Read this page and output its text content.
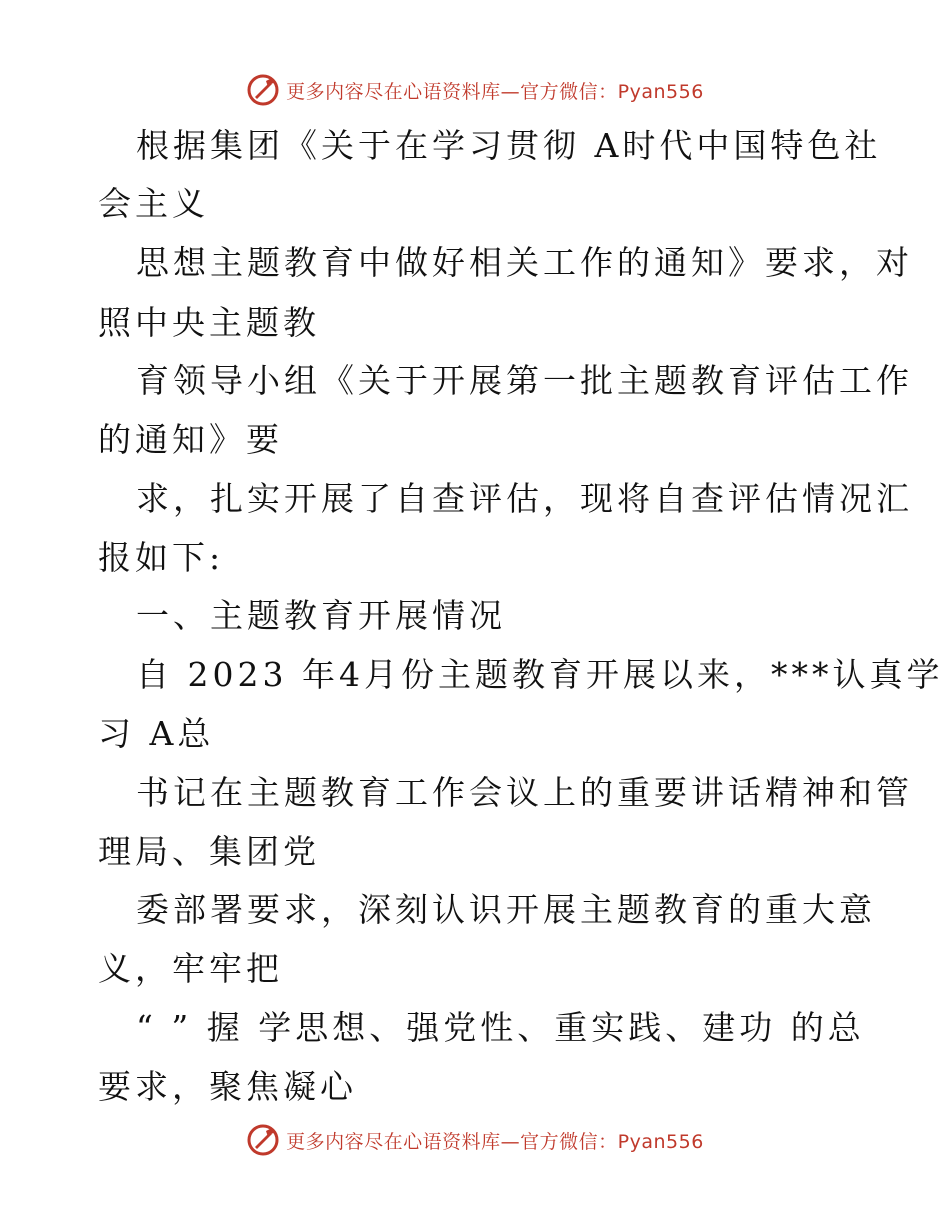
更多内容尽在心语资料库—官方微信：Pyan556
根据集团《关于在学习贯彻 A时代中国特色社
会主义
思想主题教育中做好相关工作的通知》要求，对
照中央主题教
育领导小组《关于开展第一批主题教育评估工作
的通知》要
求，扎实开展了自查评估，现将自查评估情况汇
报如下:
一、主题教育开展情况
自 2023 年4月份主题教育开展以来，***认真学
习 A总
书记在主题教育工作会议上的重要讲话精神和管
理局、集团党
委部署要求，深刻认识开展主题教育的重大意
义，牢牢把
“ ” 握 学思想、强党性、重实践、建功 的总
要求，聚焦凝心
更多内容尽在心语资料库—官方微信：Pyan556
